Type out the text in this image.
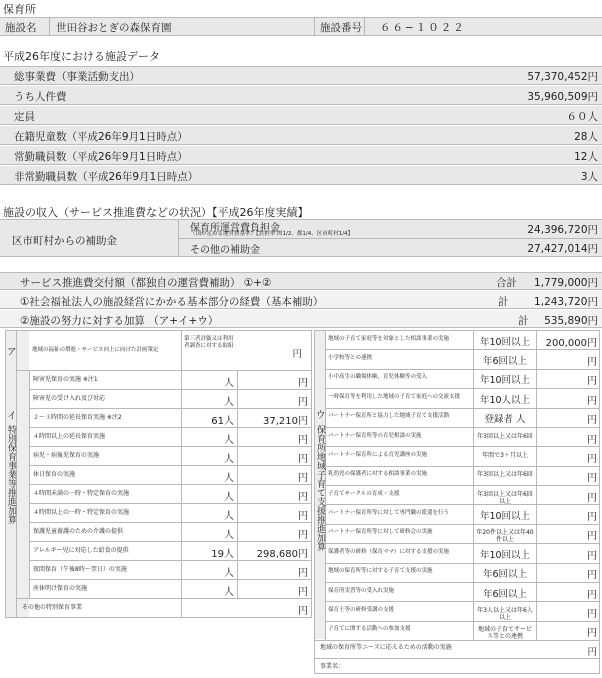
保育所
施設名 世田谷おとぎの森保育園	施設番号 ６６−１０２２
平成26年度における施設データ
総事業費（事業活動支出）	57,370,452円
うち人件費	35,960,509円
定員	６０人
在籍児童数（平成26年9月1日時点）	28人
常勤職員数（平成26年9月1日時点）	12人
非常勤職員数（平成26年9月1日時点）	3人
施設の収入（サービス推進費などの状況）【平成26年度実績】
区市町村からの補助金
保育所運営費負担金
（国が定める運営費基準）【負担率 国1/2、都1/4、区市町村1/4】	24,396,720円
その他の補助金	27,427,014円
サービス推進費交付額（都独自の運営費補助） ①+②	合計 1,779,000円
①社会福祉法人の施設経営にかかる基本部分の経費（基本補助）	計 1,243,720円
②施設の努力に対する加算 （ア+イ+ウ）	計 535,890円
ア	地域の福祉の増進・サービス向上に向けた計画策定
第三者評価又は利用者調査に対する取組
円
イ
特別保育事業等推進加算
障害児保育の実施 ※注1	人	円
障害児の受け入れ及び対応	人	円
２〜３時間の延長保育実施 ※注2	61人	37,210円
４時間以上の延長保育実施	人	円
病児・病後児保育の実施	人	円
休日保育の実施	人	円
４時間未満の一時・特定保育の実施	人	円
４時間以上の一時・特定保育の実施	人	円
保護児童養護のための介護の提供	人	円
アレルギー児に対応した給食の提供	19人 298,680円
夜間保育（午後8時〜翌日）の実施	人	円
産休明け保育の実施	人	円
その他の特別保育事業	円
ウ
保育所地域子育て支援推進加算
地域の子育て家庭等を対象とした相談事業の実施	年10回以上	200,000円
小学校等との連携	年6回以上	円
小中高生の職場体験、育児体験等の受入	年10回以上	円
一時保育等を利用した地域の子育て家庭への交流支援	年10人以上	円
パートナー保育所と協力した地域子育て支援活動	登録者 人	円
パートナー保育所等の育児相談の実施	年3回以上又は年6回	円
パートナー保育所による育児講座の実施	年間で3ヶ月以上	円
乳幼児の保護者に対する相談事業の実施	年3回以上又は年6回	円
子育てサークルの育成・支援	年3回以上又は年6回以上	円
パートナー保育所等に対して専門職の派遣を行う	年10回以上	円
パートナー保育所等に対して研修会の実施	年20件以上又は年40件以上	円
保護者等の研修（保育ママ）に対する支援の実施	年10回以上	円
地域の保育所等に対する子育て支援の実施	年6回以上	円
保育所実習等の受入れ実施	年6回以上	円
保育士等の研修受講の支援	年3人以上又は年6人以上	円
子育てに関する活動への参加支援	地域の子育てサービス等との連携	円
地域の保育所等ニーズに応えるための活動の実施	円
事業名：
